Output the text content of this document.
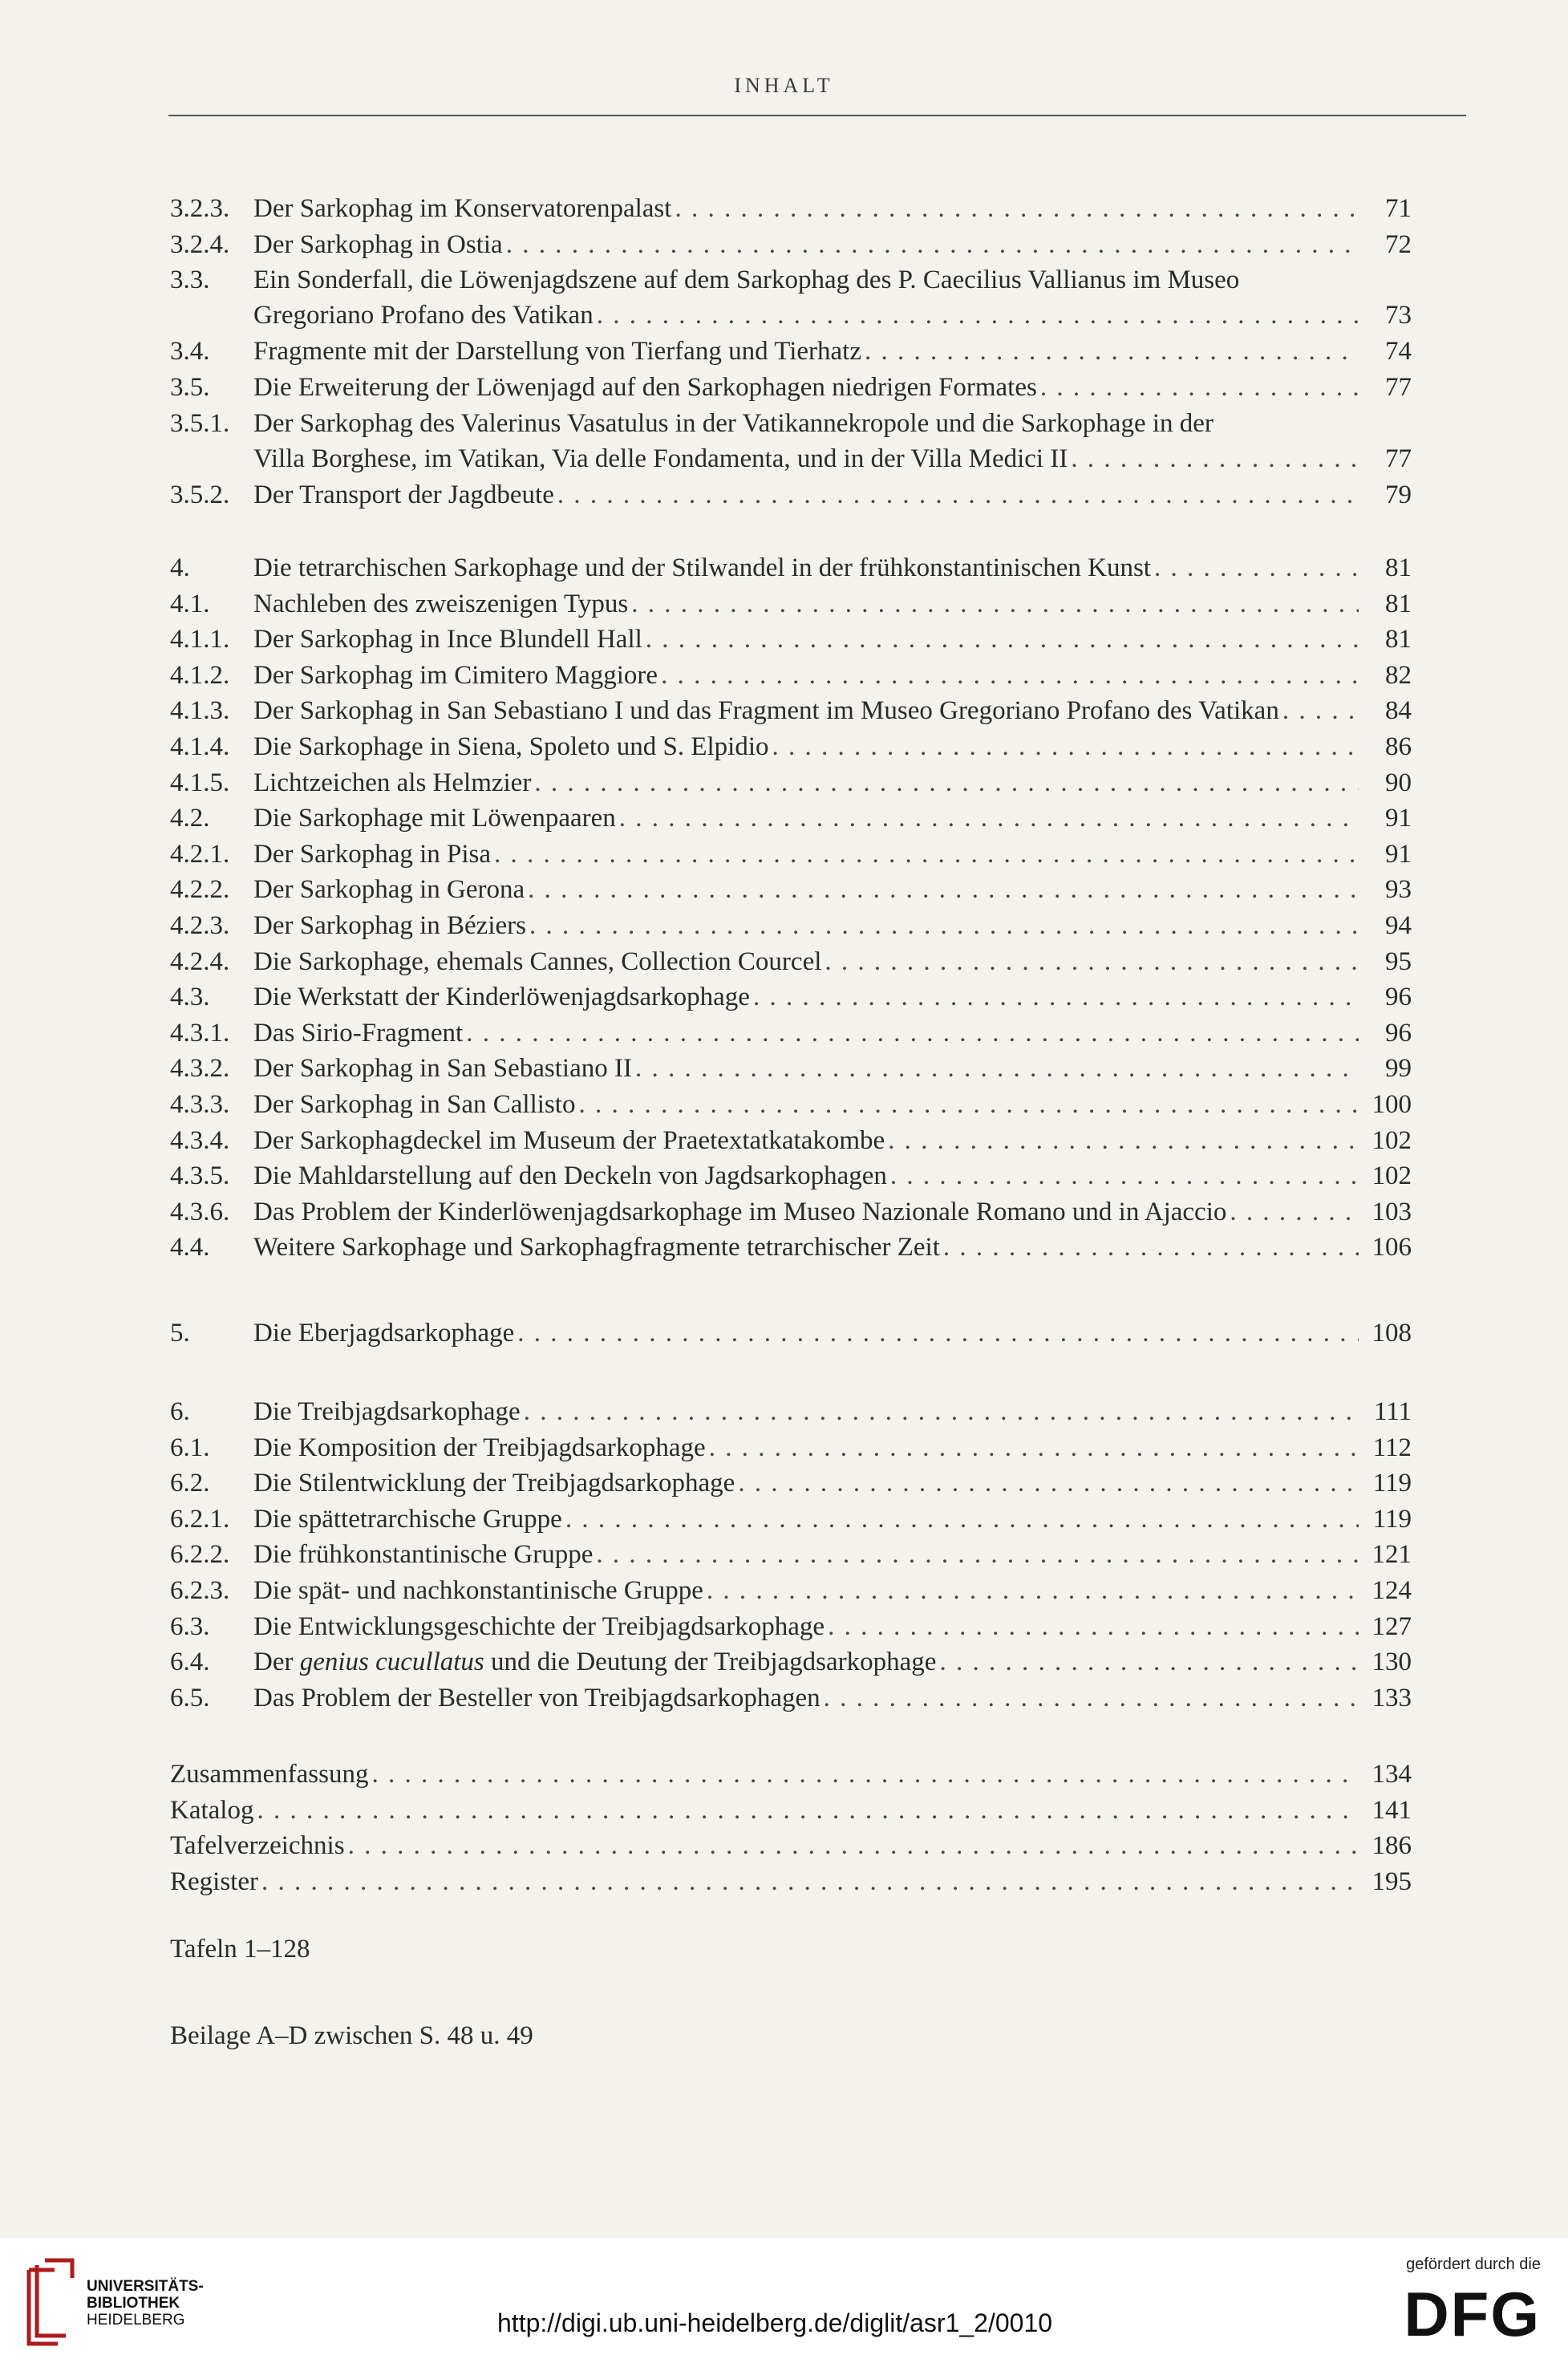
INHALT
3.2.3. Der Sarkophag im Konservatorenpalast . . .	71
3.2.4. Der Sarkophag in Ostia . . .	72
3.3. Ein Sonderfall, die Löwenjagdszene auf dem Sarkophag des P. Caecilius Vallianus im Museo
Gregoriano Profano des Vatikan . . .	73
3.4. Fragmente mit der Darstellung von Tierfang und Tierhatz . . .	74
3.5. Die Erweiterung der Löwenjagd auf den Sarkophagen niedrigen Formates . . .	77
3.5.1. Der Sarkophag des Valerinus Vasatulus in der Vatikannekropole und die Sarkophage in der
Villa Borghese, im Vatikan, Via delle Fondamenta, und in der Villa Medici II . . .	77
3.5.2. Der Transport der Jagdbeute . . .	79
4. Die tetrarchischen Sarkophage und der Stilwandel in der frühkonstantinischen Kunst . . .	81
4.1. Nachleben des zweiszenigen Typus . . .	81
4.1.1. Der Sarkophag in Ince Blundell Hall . . .	81
4.1.2. Der Sarkophag im Cimitero Maggiore . . .	82
4.1.3. Der Sarkophag in San Sebastiano I und das Fragment im Museo Gregoriano Profano des Vatikan . . .	84
4.1.4. Die Sarkophage in Siena, Spoleto und S. Elpidio . . .	86
4.1.5. Lichtzeichen als Helmzier . . .	90
4.2. Die Sarkophage mit Löwenpaaren . . .	91
4.2.1. Der Sarkophag in Pisa . . .	91
4.2.2. Der Sarkophag in Gerona . . .	93
4.2.3. Der Sarkophag in Béziers . . .	94
4.2.4. Die Sarkophage, ehemals Cannes, Collection Courcel . . .	95
4.3. Die Werkstatt der Kinderlöwenjagdsarkophage . . .	96
4.3.1. Das Sirio-Fragment . . .	96
4.3.2. Der Sarkophag in San Sebastiano II . . .	99
4.3.3. Der Sarkophag in San Callisto . . .	100
4.3.4. Der Sarkophagdeckel im Museum der Praetextatkatakombe . . .	102
4.3.5. Die Mahldarstellung auf den Deckeln von Jagdsarkophagen . . .	102
4.3.6. Das Problem der Kinderlöwenjagdsarkophage im Museo Nazionale Romano und in Ajaccio . . .	103
4.4. Weitere Sarkophage und Sarkophagfragmente tetrarchischer Zeit . . .	106
5. Die Eberjagdsarkophage . . .	108
6. Die Treibjagdsarkophage . . .	111
6.1. Die Komposition der Treibjagdsarkophage . . .	112
6.2. Die Stilentwicklung der Treibjagdsarkophage . . .	119
6.2.1. Die spättetrarchische Gruppe . . .	119
6.2.2. Die frühkonstantinische Gruppe . . .	121
6.2.3. Die spät- und nachkonstantinische Gruppe . . .	124
6.3. Die Entwicklungsgeschichte der Treibjagdsarkophage . . .	127
6.4. Der genius cucullatus und die Deutung der Treibjagdsarkophage . . .	130
6.5. Das Problem der Besteller von Treibjagdsarkophagen . . .	133
Zusammenfassung . . .	134
Katalog . . .	141
Tafelverzeichnis . . .	186
Register . . .	195
Tafeln 1–128
Beilage A–D zwischen S. 48 u. 49
UNIVERSITÄTS-
BIBLIOTHEK
HEIDELBERG	http://digi.ub.uni-heidelberg.de/diglit/asr1_2/0010
gefördert durch die
DFG
